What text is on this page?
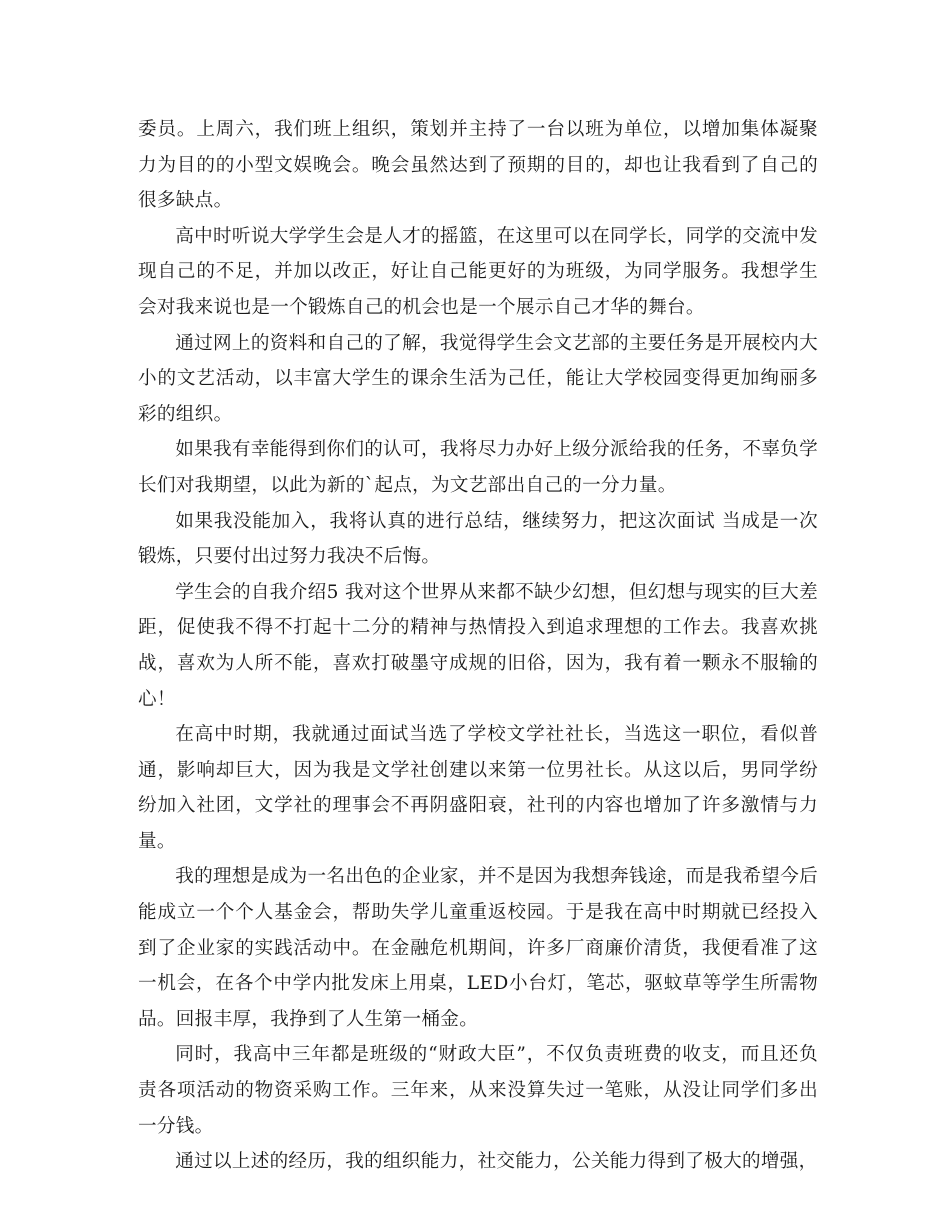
委员。上周六，我们班上组织，策划并主持了一台以班为单位，以增加集体凝聚力为目的的小型文娱晚会。晚会虽然达到了预期的目的，却也让我看到了自己的很多缺点。

高中时听说大学学生会是人才的摇篮，在这里可以在同学长，同学的交流中发现自己的不足，并加以改正，好让自己能更好的为班级，为同学服务。我想学生会对我来说也是一个锻炼自己的机会也是一个展示自己才华的舞台。

通过网上的资料和自己的了解，我觉得学生会文艺部的主要任务是开展校内大小的文艺活动，以丰富大学生的课余生活为己任，能让大学校园变得更加绚丽多彩的组织。

如果我有幸能得到你们的认可，我将尽力办好上级分派给我的任务，不辜负学长们对我期望，以此为新的`起点，为文艺部出自己的一分力量。

如果我没能加入，我将认真的进行总结，继续努力，把这次面试 当成是一次锻炼，只要付出过努力我决不后悔。

学生会的自我介绍5 我对这个世界从来都不缺少幻想，但幻想与现实的巨大差距，促使我不得不打起十二分的精神与热情投入到追求理想的工作去。我喜欢挑战，喜欢为人所不能，喜欢打破墨守成规的旧俗，因为，我有着一颗永不服输的心！

在高中时期，我就通过面试当选了学校文学社社长，当选这一职位，看似普通，影响却巨大，因为我是文学社创建以来第一位男社长。从这以后，男同学纷纷加入社团，文学社的理事会不再阴盛阳衰，社刊的内容也增加了许多激情与力量。

我的理想是成为一名出色的企业家，并不是因为我想奔钱途，而是我希望今后能成立一个个人基金会，帮助失学儿童重返校园。于是我在高中时期就已经投入到了企业家的实践活动中。在金融危机期间，许多厂商廉价清货，我便看准了这一机会，在各个中学内批发床上用桌，LED小台灯，笔芯，驱蚊草等学生所需物品。回报丰厚，我挣到了人生第一桶金。

同时，我高中三年都是班级的“财政大臣”，不仅负责班费的收支，而且还负责各项活动的物资采购工作。三年来，从来没算失过一笔账，从没让同学们多出一分钱。

通过以上述的经历，我的组织能力，社交能力，公关能力得到了极大的增强，
